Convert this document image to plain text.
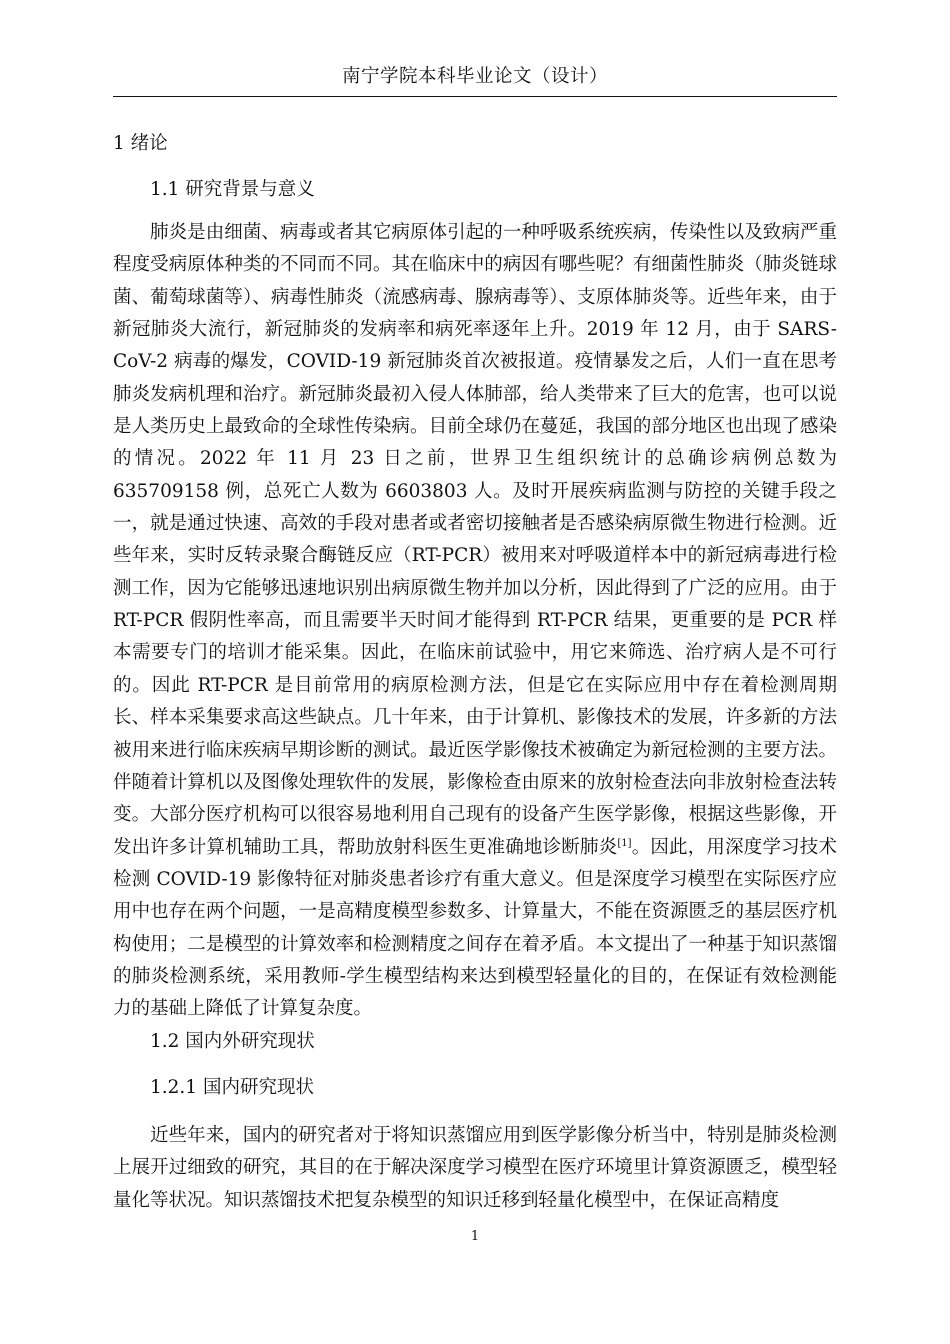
南宁学院本科毕业论文（设计）
1 绪论
1.1 研究背景与意义

肺炎是由细菌、病毒或者其它病原体引起的一种呼吸系统疾病，传染性以及致病严重程度受病原体种类的不同而不同。其在临床中的病因有哪些呢？有细菌性肺炎（肺炎链球菌、葡萄球菌等）、病毒性肺炎（流感病毒、腺病毒等）、支原体肺炎等。近些年来，由于新冠肺炎大流行，新冠肺炎的发病率和病死率逐年上升。2019 年 12 月，由于 SARS-CoV-2 病毒的爆发，COVID-19 新冠肺炎首次被报道。疫情暴发之后，人们一直在思考肺炎发病机理和治疗。新冠肺炎最初入侵人体肺部，给人类带来了巨大的危害，也可以说是人类历史上最致命的全球性传染病。目前全球仍在蔓延，我国的部分地区也出现了感染的情况。2022 年 11 月 23 日之前，世界卫生组织统计的总确诊病例总数为 635709158 例，总死亡人数为 6603803 人。及时开展疾病监测与防控的关键手段之一，就是通过快速、高效的手段对患者或者密切接触者是否感染病原微生物进行检测。近些年来，实时反转录聚合酶链反应（RT-PCR）被用来对呼吸道样本中的新冠病毒进行检测工作，因为它能够迅速地识别出病原微生物并加以分析，因此得到了广泛的应用。由于 RT-PCR 假阴性率高，而且需要半天时间才能得到 RT-PCR 结果，更重要的是 PCR 样本需要专门的培训才能采集。因此，在临床前试验中，用它来筛选、治疗病人是不可行的。因此 RT-PCR 是目前常用的病原检测方法，但是它在实际应用中存在着检测周期长、样本采集要求高这些缺点。几十年来，由于计算机、影像技术的发展，许多新的方法被用来进行临床疾病早期诊断的测试。最近医学影像技术被确定为新冠检测的主要方法。伴随着计算机以及图像处理软件的发展，影像检查由原来的放射检查法向非放射检查法转变。大部分医疗机构可以很容易地利用自己现有的设备产生医学影像，根据这些影像，开发出许多计算机辅助工具，帮助放射科医生更准确地诊断肺炎[1]。因此，用深度学习技术检测 COVID-19 影像特征对肺炎患者诊疗有重大意义。但是深度学习模型在实际医疗应用中也存在两个问题，一是高精度模型参数多、计算量大，不能在资源匮乏的基层医疗机构使用；二是模型的计算效率和检测精度之间存在着矛盾。本文提出了一种基于知识蒸馏的肺炎检测系统，采用教师-学生模型结构来达到模型轻量化的目的，在保证有效检测能力的基础上降低了计算复杂度。

1.2 国内外研究现状
1.2.1 国内研究现状

近些年来，国内的研究者对于将知识蒸馏应用到医学影像分析当中，特别是肺炎检测上展开过细致的研究，其目的在于解决深度学习模型在医疗环境里计算资源匮乏，模型轻量化等状况。知识蒸馏技术把复杂模型的知识迁移到轻量化模型中，在保证高精度

1
